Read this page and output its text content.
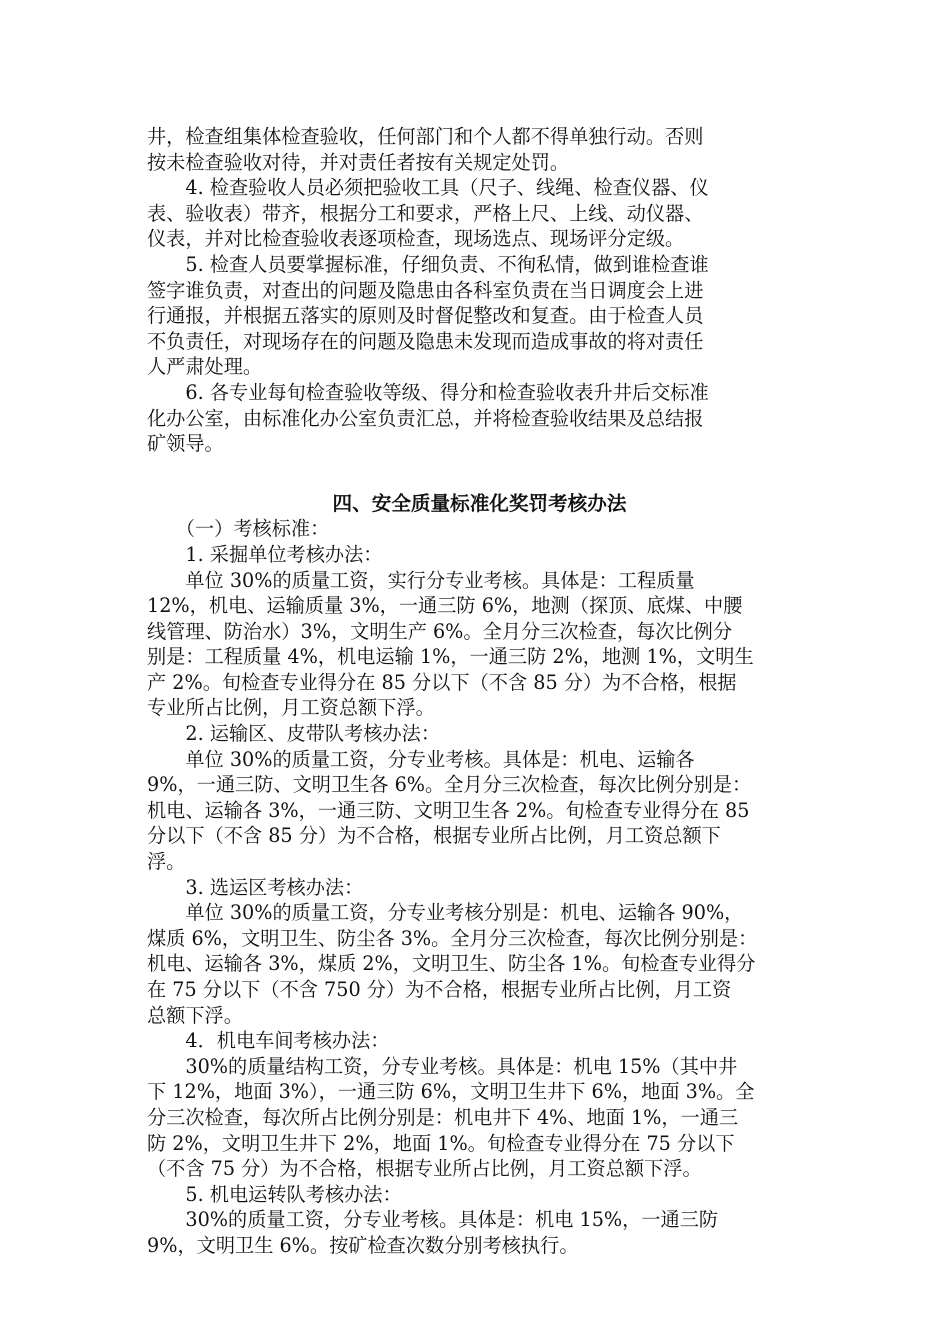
井，检查组集体检查验收，任何部门和个人都不得单独行动。否则
按未检查验收对待，并对责任者按有关规定处罚。
　　4. 检查验收人员必须把验收工具（尺子、线绳、检查仪器、仪
表、验收表）带齐，根据分工和要求，严格上尺、上线、动仪器、
仪表，并对比检查验收表逐项检查，现场选点、现场评分定级。
　　5. 检查人员要掌握标准，仔细负责、不徇私情，做到谁检查谁
签字谁负责，对查出的问题及隐患由各科室负责在当日调度会上进
行通报，并根据五落实的原则及时督促整改和复查。由于检查人员
不负责任，对现场存在的问题及隐患未发现而造成事故的将对责任
人严肃处理。
　　6. 各专业每旬检查验收等级、得分和检查验收表升井后交标准
化办公室，由标准化办公室负责汇总，并将检查验收结果及总结报
矿领导。
四、安全质量标准化奖罚考核办法
　　（一）考核标准：
　　1. 采掘单位考核办法：
　　单位 30%的质量工资，实行分专业考核。具体是：工程质量
12%，机电、运输质量 3%，一通三防 6%，地测（探顶、底煤、中腰
线管理、防治水）3%，文明生产 6%。全月分三次检查，每次比例分
别是：工程质量 4%，机电运输 1%，一通三防 2%，地测 1%，文明生
产 2%。旬检查专业得分在 85 分以下（不含 85 分）为不合格，根据
专业所占比例，月工资总额下浮。
　　2. 运输区、皮带队考核办法：
　　单位 30%的质量工资，分专业考核。具体是：机电、运输各
9%，一通三防、文明卫生各 6%。全月分三次检查，每次比例分别是：
机电、运输各 3%，一通三防、文明卫生各 2%。旬检查专业得分在 85
分以下（不含 85 分）为不合格，根据专业所占比例，月工资总额下
浮。
　　3. 选运区考核办法：
　　单位 30%的质量工资，分专业考核分别是：机电、运输各 90%，
煤质 6%，文明卫生、防尘各 3%。全月分三次检查，每次比例分别是：
机电、运输各 3%，煤质 2%，文明卫生、防尘各 1%。旬检查专业得分
在 75 分以下（不含 750 分）为不合格，根据专业所占比例，月工资
总额下浮。
　　4．机电车间考核办法：
　　30%的质量结构工资，分专业考核。具体是：机电 15%（其中井
下 12%，地面 3%），一通三防 6%，文明卫生井下 6%，地面 3%。全
分三次检查，每次所占比例分别是：机电井下 4%、地面 1%，一通三
防 2%，文明卫生井下 2%，地面 1%。旬检查专业得分在 75 分以下
（不含 75 分）为不合格，根据专业所占比例，月工资总额下浮。
　　5. 机电运转队考核办法：
　　30%的质量工资，分专业考核。具体是：机电 15%，一通三防
9%，文明卫生 6%。按矿检查次数分别考核执行。
